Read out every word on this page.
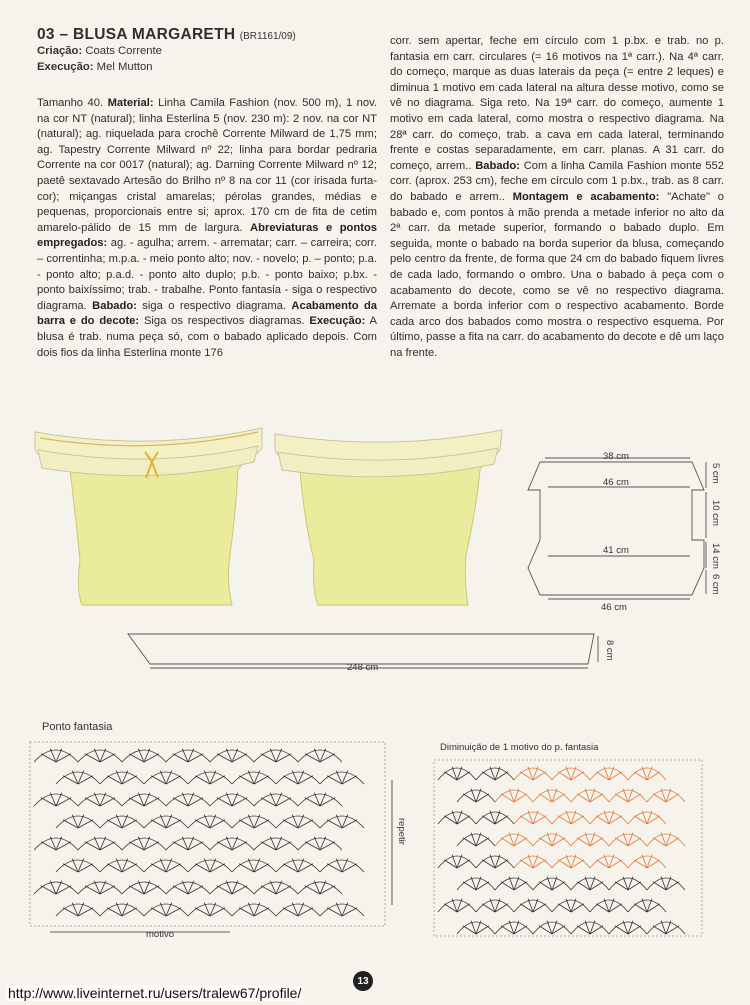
03 – BLUSA MARGARETH (BR1161/09)
Criação: Coats Corrente
Execução: Mel Mutton
Tamanho 40. Material: Linha Camila Fashion (nov. 500 m), 1 nov. na cor NT (natural); linha Esterlina 5 (nov. 230 m): 2 nov. na cor NT (natural); ag. niquelada para crochê Corrente Milward de 1,75 mm; ag. Tapestry Corrente Milward nº 22; linha para bordar pedraria Corrente na cor 0017 (natural); ag. Darning Corrente Milward nº 12; paetê sextavado Artesão do Brilho nº 8 na cor 11 (cor irisada furta-cor); miçangas cristal amarelas; pérolas grandes, médias e pequenas, proporcionais entre si; aprox. 170 cm de fita de cetim amarelo-pálido de 15 mm de largura. Abreviaturas e pontos empregados: ag. - agulha; arrem. - arrematar; carr. – carreira; corr. – correntinha; m.p.a. - meio ponto alto; nov. - novelo; p. – ponto; p.a. - ponto alto; p.a.d. - ponto alto duplo; p.b. - ponto baixo; p.bx. - ponto baixíssimo; trab. - trabalhe. Ponto fantasia - siga o respectivo diagrama. Babado: siga o respectivo diagrama. Acabamento da barra e do decote: Siga os respectivos diagramas. Execução: A blusa é trab. numa peça só, com o babado aplicado depois. Com dois fios da linha Esterlina monte 176
corr. sem apertar, feche em círculo com 1 p.bx. e trab. no p. fantasia em carr. circulares (= 16 motivos na 1ª carr.). Na 4ª carr. do começo, marque as duas laterais da peça (= entre 2 leques) e diminua 1 motivo em cada lateral na altura desse motivo, como se vê no diagrama. Siga reto. Na 19ª carr. do começo, aumente 1 motivo em cada lateral, como mostra o respectivo diagrama. Na 28ª carr. do começo, trab. a cava em cada lateral, terminando frente e costas separadamente, em carr. planas. A 31 carr. do começo, arrem.. Babado: Com a linha Camila Fashion monte 552 corr. (aprox. 253 cm), feche em círculo com 1 p.bx., trab. as 8 carr. do babado e arrem.. Montagem e acabamento: "Achate" o babado e, com pontos à mão prenda a metade inferior no alto da 2ª carr. da metade superior, formando o babado duplo. Em seguida, monte o babado na borda superior da blusa, começando pelo centro da frente, de forma que 24 cm do babado fiquem livres de cada lado, formando o ombro. Una o babado à peça com o acabamento do decote, como se vê no respectivo diagrama. Arremate a borda inferior com o respectivo acabamento. Borde cada arco dos babados como mostra o respectivo esquema. Por último, passe a fita na carr. do acabamento do decote e dê um laço na frente.
38 cm
46 cm
41 cm
46 cm
5 cm
10 cm
14 cm
6 cm
248 cm
8 cm
Ponto fantasia
repetir
motivo
Diminuição de 1 motivo do p. fantasia
13
http://www.liveinternet.ru/users/tralew67/profile/
